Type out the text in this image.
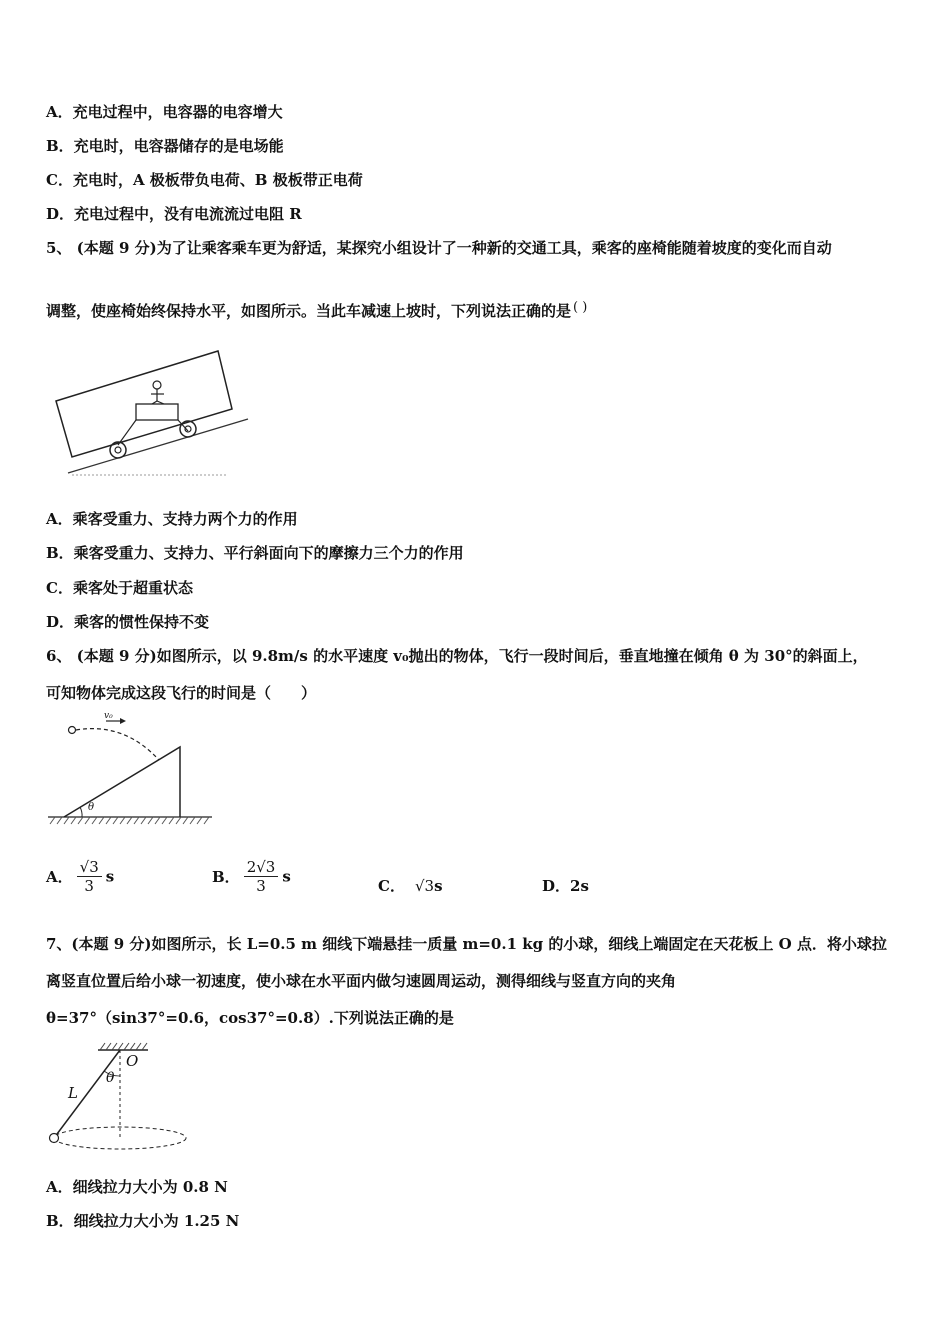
A．充电过程中，电容器的电容增大
B．充电时，电容器储存的是电场能
C．充电时，A 极板带负电荷、B 极板带正电荷
D．充电过程中，没有电流流过电阻 R
5、 (本题 9 分)为了让乘客乘车更为舒适，某探究小组设计了一种新的交通工具，乘客的座椅能随着坡度的变化而自动
调整，使座椅始终保持水平，如图所示。当此车减速上坡时，下列说法正确的是 ( )
A．乘客受重力、支持力两个力的作用
B．乘客受重力、支持力、平行斜面向下的摩擦力三个力的作用
C．乘客处于超重状态
D．乘客的惯性保持不变
6、 (本题 9 分)如图所示，以 9.8m/s 的水平速度 v₀抛出的物体，飞行一段时间后，垂直地撞在倾角 θ 为 30°的斜面上，
可知物体完成这段飞行的时间是（　　）
v₀
θ
A． $\frac{√3}{3}$ s	B． $\frac{2√3}{3}$ s
C． √3s	D．2s
7、(本题 9 分)如图所示，长 L=0.5 m 细线下端悬挂一质量 m=0.1 kg 的小球，细线上端固定在天花板上 O 点．将小球拉
离竖直位置后给小球一初速度，使小球在水平面内做匀速圆周运动，测得细线与竖直方向的夹角
θ=37°（sin37°=0.6，cos37°=0.8）.下列说法正确的是
O
θ
L
A．细线拉力大小为 0.8 N
B．细线拉力大小为 1.25 N
